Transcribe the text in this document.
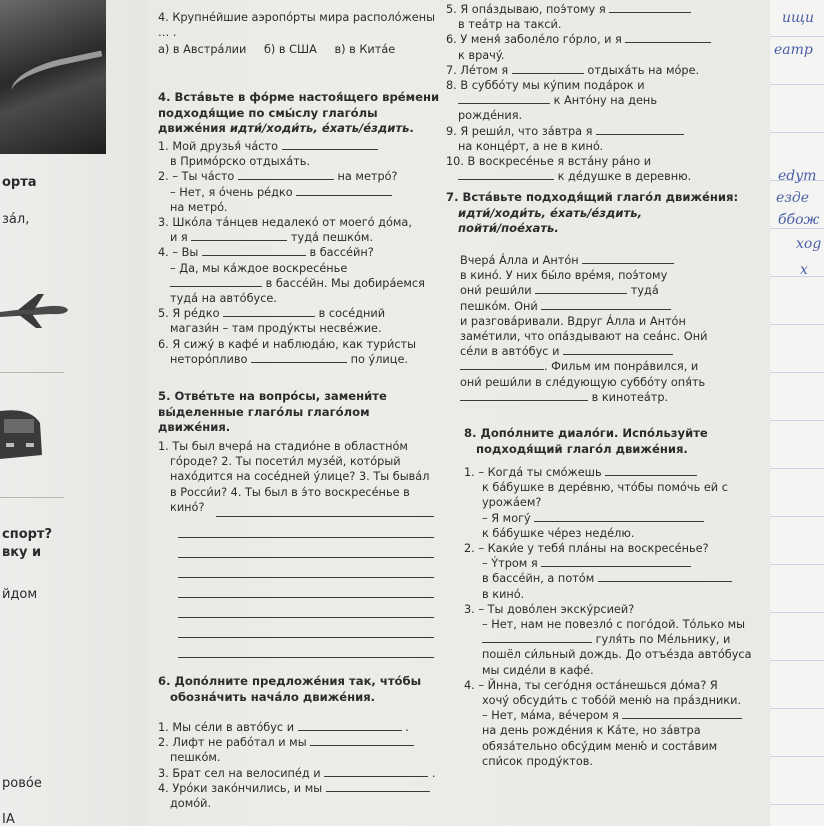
орта
зáл,
спорт?
вку и
йдом
ровóе
IA

4. Крупнéйшие аэропóрты мира располóжены

… .

а) в Австрáлии б) в США в) в Китáе

4. Встáвьте в фóрме настоя́щего врéмени

подходя́щие по смы́слу глагóлы

движéния идти́/ходи́ть, éхать/éздить.

1. Мой друзья́ чáсто

в Примóрско отдыхáть.

2. – Ты чáсто	на метрó?

– Нет, я óчень рéдко

на метрó.

3. Шкóла тáнцев недалекó от моегó дóма,

и я	тудá пешкóм.

4. – Вы	в бассéйн?

– Да, мы кáждое воскресéнье

в бассéйн. Мы добирáемся

тудá на автóбусе.

5. Я рéдко	в сосéдний

магази́н – там продýкты несвéжие.

6. Я сижý в кафé и наблюдáю, как тури́сты

неторóпливо	по ýлице.

5. Отвéтьте на вопрóсы, замени́те

вы́деленные глагóлы глагóлом

движéния.

1. Ты был вчерá на стадиóне в областнóм

гóроде? 2. Ты посети́л музéй, котóрый

нахóдится на сосéдней ýлице? 3. Ты бывáл

в Росси́и? 4. Ты был в э́то воскресéнье в

кинó?

6. Допóлните предложéния так, чтóбы

обознáчить начáло движéния.

1. Мы сéли в автóбус и	.

2. Лифт не рабóтал и мы

пешкóм.

3. Брат сел на велосипéд и	.

4. Урóки закóнчились, и мы

домóй.

5. Я опáздываю, поэ́тому я

в теáтр на такси́.

6. У меня́ заболéло гóрло, и я

к врачý.

7. Лéтом я	отдыхáть на мóре.

8. В суббóту мы кýпим подáрок и

к Антóну на день

рождéния.

9. Я реши́л, что зáвтра я

на концéрт, а не в кинó.

10. В воскресéнье я встáну рáно и

к дéдушке в деревню.

7. Встáвьте подходя́щий глагóл движéния:

идти́/ходи́ть, éхать/éздить,

пойти́/поéхать.

Вчерá Áлла и Антóн

в кинó. У них бы́ло врéмя, поэ́тому

они́ реши́ли	тудá

пешкóм. Они́

и разговáривали. Вдруг Áлла и Антóн

замéтили, что опáздывают на сеáнс. Они́

сéли в автóбус и

. Фильм им понрáвился, и

они́ реши́ли в слéдующую суббóту опя́ть

в кинотеáтр.

8. Допóлните диалóги. Испóльзуйте

подходя́щий глагóл движéния.

1. – Когдá ты смóжешь

к бáбушке в дерéвню, чтóбы помóчь ей с

урожáем?

– Я могý

к бáбушке чéрез недéлю.

2. – Каки́е у тебя́ плáны на воскресéнье?

– Ýтром я

в бассéйн, а потóм

в кинó.

3. – Ты довóлен экскýрсией?

– Нет, нам не повезлó с погóдой. Тóлько мы

гуля́ть по Мéльнику, и

пошёл си́льный дождь. До отъéзда автóбуса

мы сидéли в кафé.

4. – Йнна, ты сегóдня остáнешься дóма? Я

хочý обсуди́ть с тобóй меню́ на прáздники.

– Нет, мáма, вéчером я

на день рождéния к Кáте, но зáвтра

обязáтельно обсýдим меню́ и состáвим

спи́сок продýктов.

ищи
eamp
edym
eзде
ббож
хоg
x
